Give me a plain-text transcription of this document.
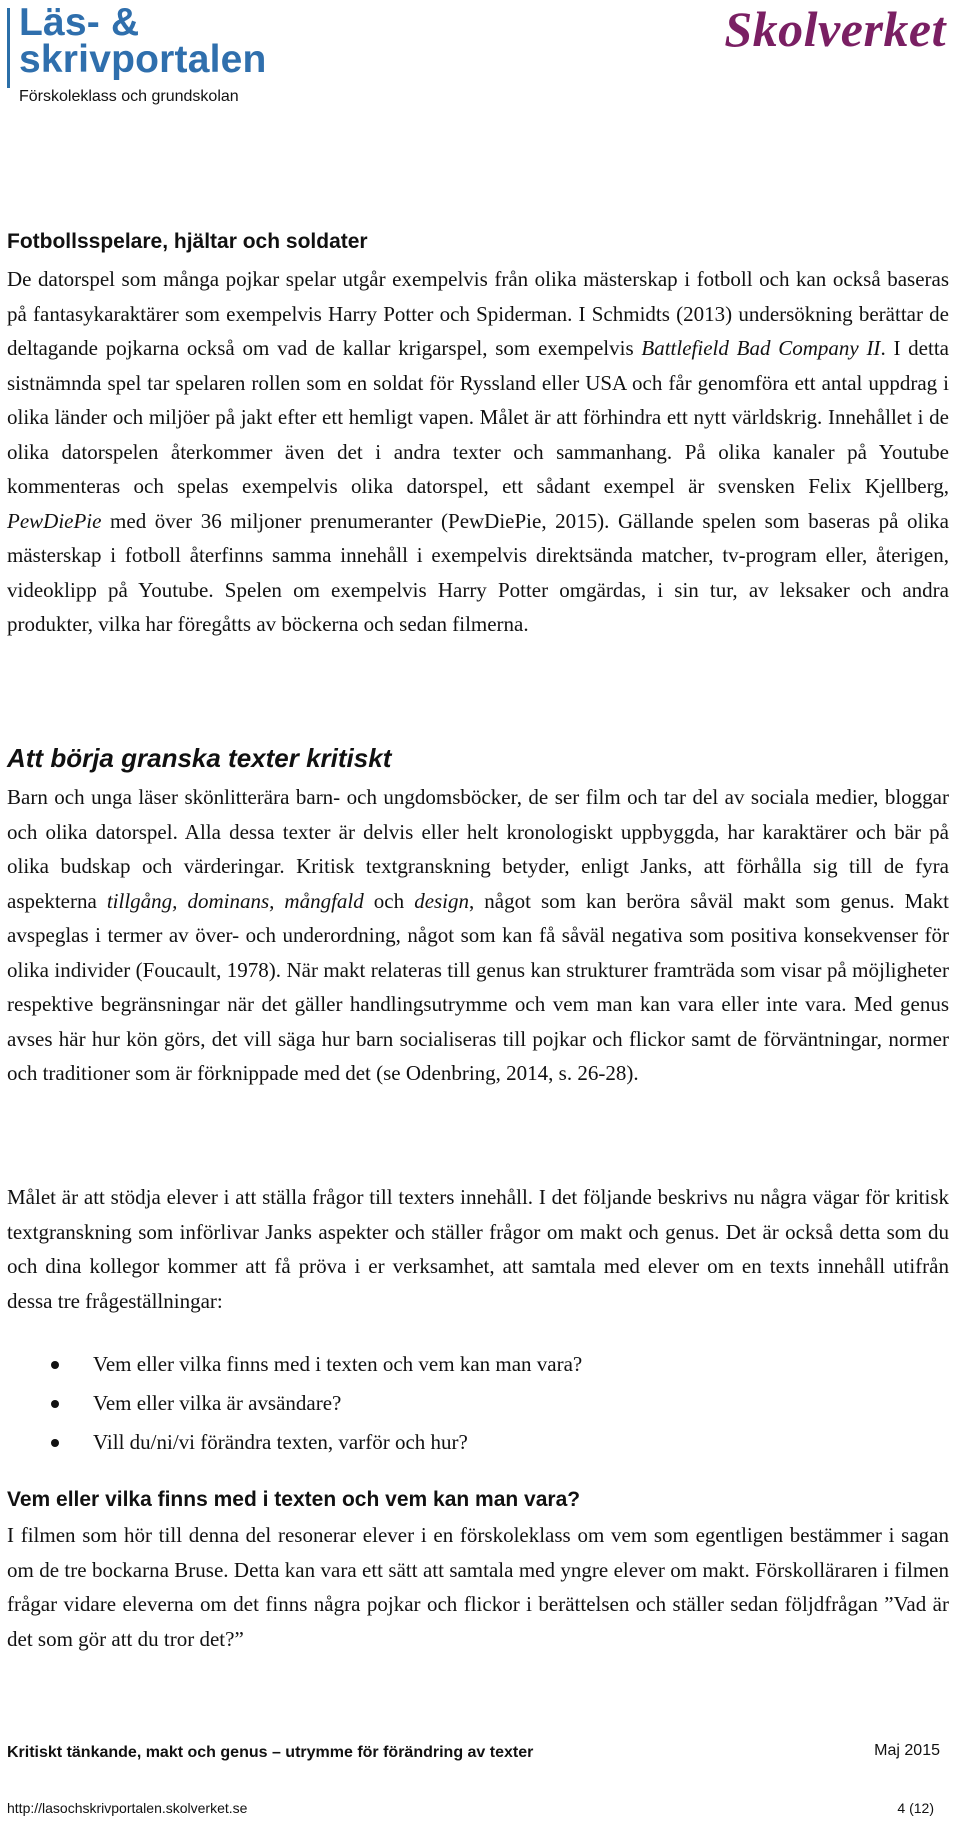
Läs- &
skrivportalen
Förskoleklass och grundskolan
Skolverket
Fotbollsspelare, hjältar och soldater

De datorspel som många pojkar spelar utgår exempelvis från olika mästerskap i fotboll och kan också baseras på fantasykaraktärer som exempelvis Harry Potter och Spiderman. I Schmidts (2013) undersökning berättar de deltagande pojkarna också om vad de kallar krigarspel, som exempelvis Battlefield Bad Company II. I detta sistnämnda spel tar spelaren rollen som en soldat för Ryssland eller USA och får genomföra ett antal uppdrag i olika länder och miljöer på jakt efter ett hemligt vapen. Målet är att förhindra ett nytt världskrig. Innehållet i de olika datorspelen återkommer även det i andra texter och sammanhang. På olika kanaler på Youtube kommenteras och spelas exempelvis olika datorspel, ett sådant exempel är svensken Felix Kjellberg, PewDiePie med över 36 miljoner prenumeranter (PewDiePie, 2015). Gällande spelen som baseras på olika mästerskap i fotboll återfinns samma innehåll i exempelvis direktsända matcher, tv-program eller, återigen, videoklipp på Youtube. Spelen om exempelvis Harry Potter omgärdas, i sin tur, av leksaker och andra produkter, vilka har föregåtts av böckerna och sedan filmerna.

Att börja granska texter kritiskt

Barn och unga läser skönlitterära barn- och ungdomsböcker, de ser film och tar del av sociala medier, bloggar och olika datorspel. Alla dessa texter är delvis eller helt kronologiskt uppbyggda, har karaktärer och bär på olika budskap och värderingar. Kritisk textgranskning betyder, enligt Janks, att förhålla sig till de fyra aspekterna tillgång, dominans, mångfald och design, något som kan beröra såväl makt som genus. Makt avspeglas i termer av över- och underordning, något som kan få såväl negativa som positiva konsekvenser för olika individer (Foucault, 1978). När makt relateras till genus kan strukturer framträda som visar på möjligheter respektive begränsningar när det gäller handlingsutrymme och vem man kan vara eller inte vara. Med genus avses här hur kön görs, det vill säga hur barn socialiseras till pojkar och flickor samt de förväntningar, normer och traditioner som är förknippade med det (se Odenbring, 2014, s. 26-28).

Målet är att stödja elever i att ställa frågor till texters innehåll. I det följande beskrivs nu några vägar för kritisk textgranskning som införlivar Janks aspekter och ställer frågor om makt och genus. Det är också detta som du och dina kollegor kommer att få pröva i er verksamhet, att samtala med elever om en texts innehåll utifrån dessa tre frågeställningar:

Vem eller vilka finns med i texten och vem kan man vara?
Vem eller vilka är avsändare?
Vill du/ni/vi förändra texten, varför och hur?
Vem eller vilka finns med i texten och vem kan man vara?

I filmen som hör till denna del resonerar elever i en förskoleklass om vem som egentligen bestämmer i sagan om de tre bockarna Bruse. Detta kan vara ett sätt att samtala med yngre elever om makt. Förskolläraren i filmen frågar vidare eleverna om det finns några pojkar och flickor i berättelsen och ställer sedan följdfrågan ”Vad är det som gör att du tror det?”

Kritiskt tänkande, makt och genus – utrymme för förändring av texter	Maj 2015
http://lasochskrivportalen.skolverket.se	4 (12)
